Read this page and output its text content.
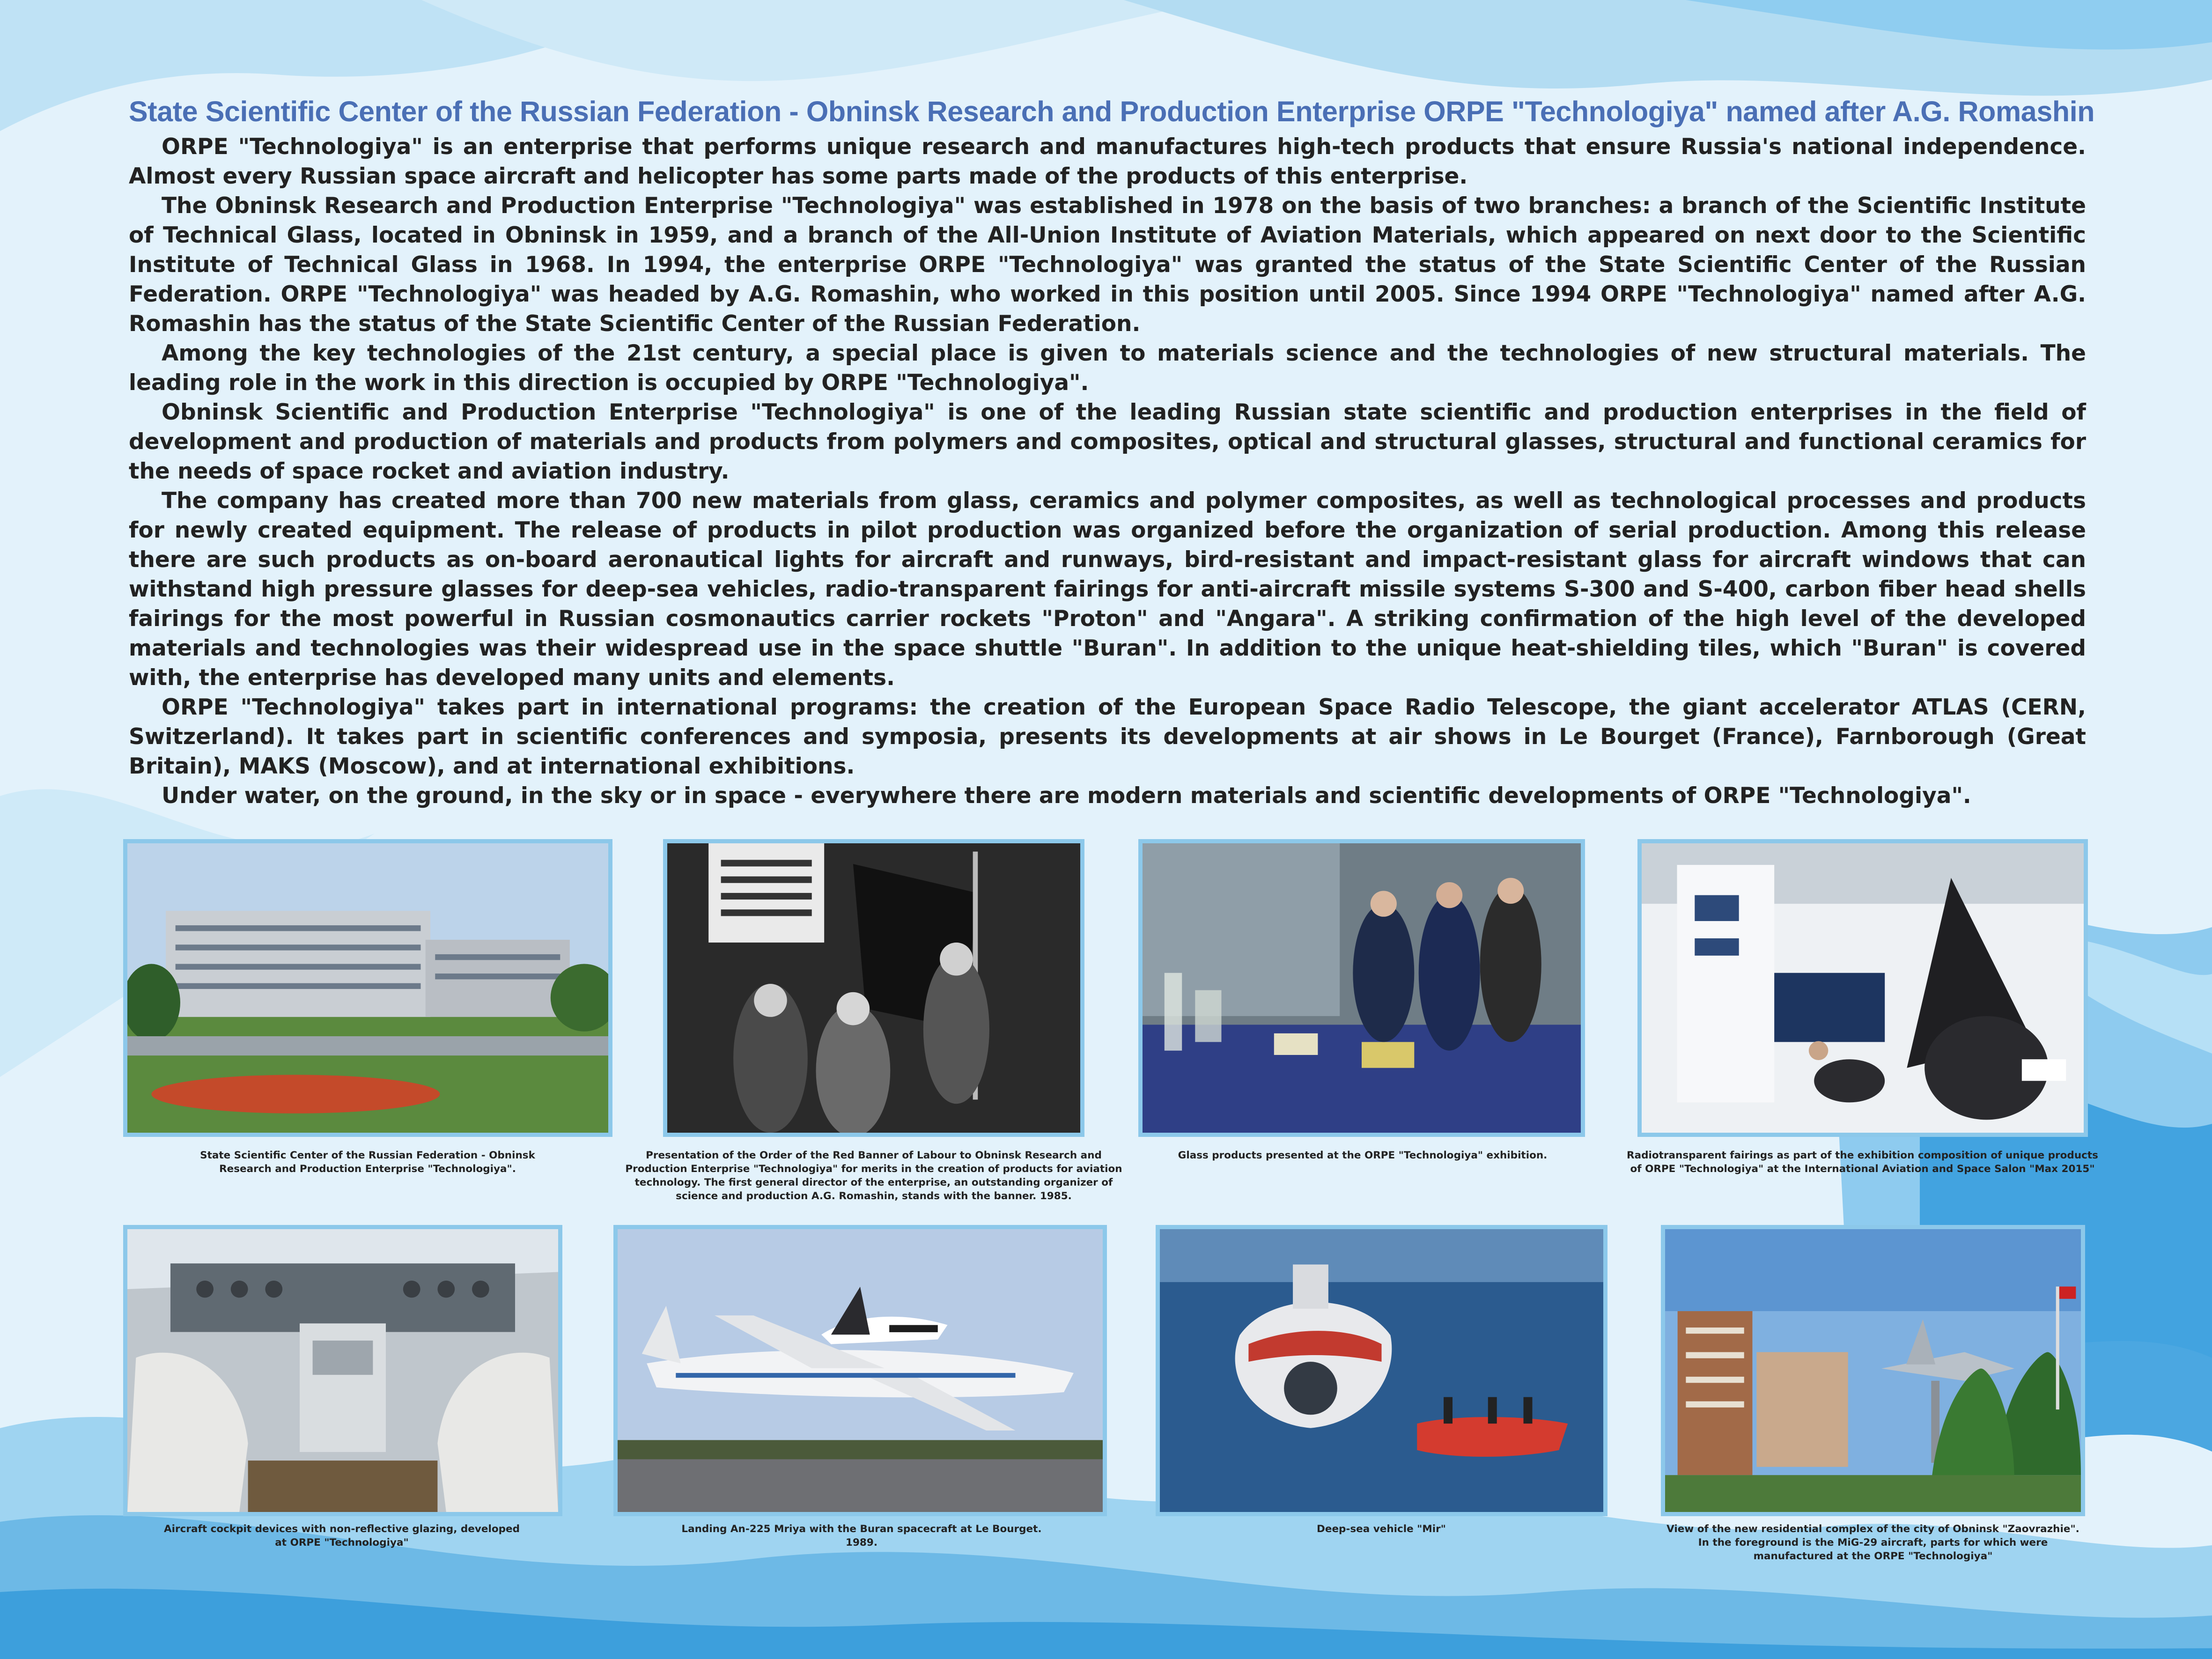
State Scientific Center of the Russian Federation - Obninsk Research and Production Enterprise ORPE "Technologiya" named after A.G. Romashin

ORPE "Technologiya" is an enterprise that performs unique research and manufactures high-tech products that ensure Russia's national independence. Almost every Russian space aircraft and helicopter has some parts made of the products of this enterprise.

The Obninsk Research and Production Enterprise "Technologiya" was established in 1978 on the basis of two branches: a branch of the Scientific Institute of Technical Glass, located in Obninsk in 1959, and a branch of the All-Union Institute of Aviation Materials, which appeared on next door to the Scientific Institute of Technical Glass in 1968. In 1994, the enterprise ORPE "Technologiya" was granted the status of the State Scientific Center of the Russian Federation. ORPE "Technologiya" was headed by A.G. Romashin, who worked in this position until 2005. Since 1994 ORPE "Technologiya" named after A.G. Romashin has the status of the State Scientific Center of the Russian Federation.

Among the key technologies of the 21st century, a special place is given to materials science and the technologies of new structural materials. The leading role in the work in this direction is occupied by ORPE "Technologiya".

Obninsk Scientific and Production Enterprise "Technologiya" is one of the leading Russian state scientific and production enterprises in the field of development and production of materials and products from polymers and composites, optical and structural glasses, structural and functional ceramics for the needs of space rocket and aviation industry.

The company has created more than 700 new materials from glass, ceramics and polymer composites, as well as technological processes and products for newly created equipment. The release of products in pilot production was organized before the organization of serial production. Among this release there are such products as on-board aeronautical lights for aircraft and runways, bird-resistant and impact-resistant glass for aircraft windows that can withstand high pressure glasses for deep-sea vehicles, radio-transparent fairings for anti-aircraft missile systems S-300 and S-400, carbon fiber head shells fairings for the most powerful in Russian cosmonautics carrier rockets "Proton" and "Angara". A striking confirmation of the high level of the developed materials and technologies was their widespread use in the space shuttle "Buran". In addition to the unique heat-shielding tiles, which "Buran" is covered with, the enterprise has developed many units and elements.

ORPE "Technologiya" takes part in international programs: the creation of the European Space Radio Telescope, the giant accelerator ATLAS (CERN, Switzerland). It takes part in scientific conferences and symposia, presents its developments at air shows in Le Bourget (France), Farnborough (Great Britain), MAKS (Moscow), and at international exhibitions.

Under water, on the ground, in the sky or in space - everywhere there are modern materials and scientific developments of ORPE "Technologiya".

State Scientific Center of the Russian Federation - Obninsk Research and Production Enterprise "Technologiya".
Presentation of the Order of the Red Banner of Labour to Obninsk Research and Production Enterprise "Technologiya" for merits in the creation of products for aviation technology. The first general director of the enterprise, an outstanding organizer of science and production A.G. Romashin, stands with the banner. 1985.
Glass products presented at the ORPE "Technologiya" exhibition.	Radiotransparent fairings as part of the exhibition composition of unique products of ORPE "Technologiya" at the International Aviation and Space Salon "Max 2015"
Aircraft cockpit devices with non-reflective glazing, developed at ORPE "Technologiya"
Landing An-225 Mriya with the Buran spacecraft at Le Bourget. 1989.
Deep-sea vehicle "Mir"	View of the new residential complex of the city of Obninsk "Zaovrazhie". In the foreground is the MiG-29 aircraft, parts for which were manufactured at the ORPE "Technologiya"
